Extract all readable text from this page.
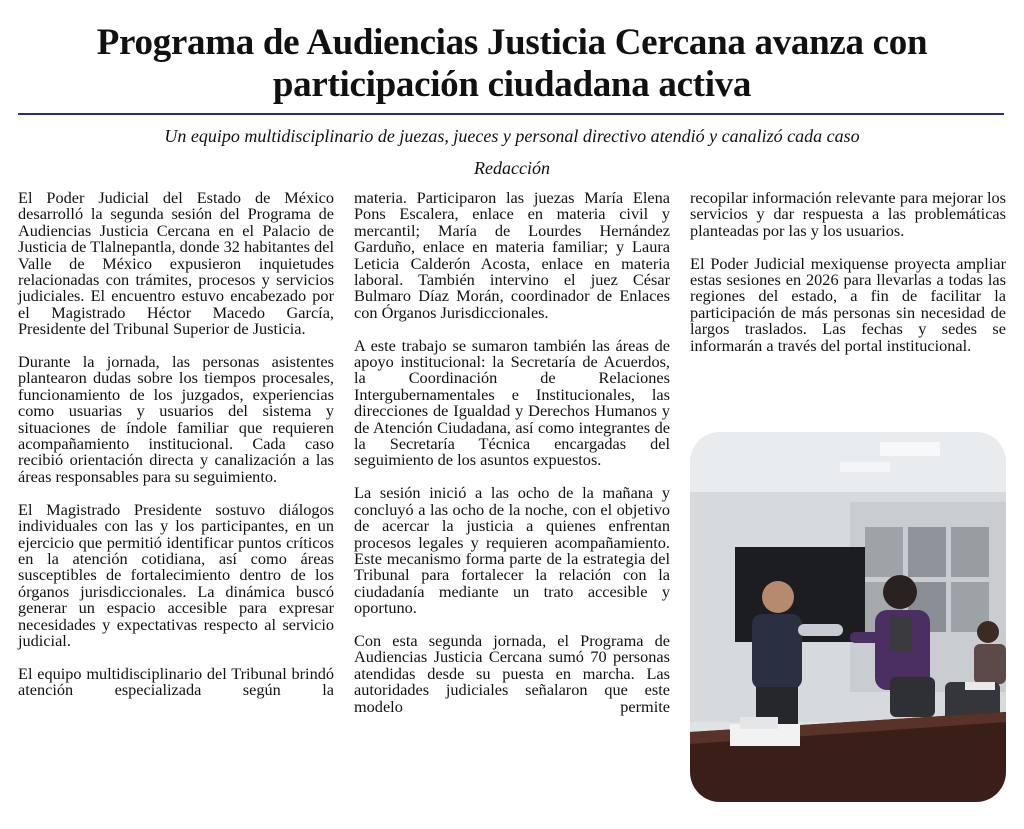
Programa de Audiencias Justicia Cercana avanza con
participación ciudadana activa
Un equipo multidisciplinario de juezas, jueces y personal directivo atendió y canalizó cada caso
Redacción

El Poder Judicial del Estado de México desarrolló la segunda sesión del Programa de Audiencias Justicia Cercana en el Palacio de Justicia de Tlalnepantla, donde 32 habitantes del Valle de México expusieron inquietudes relacionadas con trámites, procesos y servicios judiciales. El encuentro estuvo encabezado por el Magistrado Héctor Macedo García, Presidente del Tribunal Superior de Justicia.

Durante la jornada, las personas asistentes plantearon dudas sobre los tiempos procesales, funcionamiento de los juzgados, experiencias como usuarias y usuarios del sistema y situaciones de índole familiar que requieren acompañamiento institucional. Cada caso recibió orientación directa y canalización a las áreas responsables para su seguimiento.

El Magistrado Presidente sostuvo diálogos individuales con las y los participantes, en un ejercicio que permitió identificar puntos críticos en la atención cotidiana, así como áreas susceptibles de fortalecimiento dentro de los órganos jurisdiccionales. La dinámica buscó generar un espacio accesible para expresar necesidades y expectativas respecto al servicio judicial.

El equipo multidisciplinario del Tribunal brindó atención especializada según la

materia. Participaron las juezas María Elena Pons Escalera, enlace en materia civil y mercantil; María de Lourdes Hernández Garduño, enlace en materia familiar; y Laura Leticia Calderón Acosta, enlace en materia laboral. También intervino el juez César Bulmaro Díaz Morán, coordinador de Enlaces con Órganos Jurisdiccionales.

A este trabajo se sumaron también las áreas de apoyo institucional: la Secretaría de Acuerdos, la Coordinación de Relaciones Intergubernamentales e Institucionales, las direcciones de Igualdad y Derechos Humanos y de Atención Ciudadana, así como integrantes de la Secretaría Técnica encargadas del seguimiento de los asuntos expuestos.

La sesión inició a las ocho de la mañana y concluyó a las ocho de la noche, con el objetivo de acercar la justicia a quienes enfrentan procesos legales y requieren acompañamiento. Este mecanismo forma parte de la estrategia del Tribunal para fortalecer la relación con la ciudadanía mediante un trato accesible y oportuno.

Con esta segunda jornada, el Programa de Audiencias Justicia Cercana sumó 70 personas atendidas desde su puesta en marcha. Las autoridades judiciales señalaron que este modelo permite

recopilar información relevante para mejorar los servicios y dar respuesta a las problemáticas planteadas por las y los usuarios.

El Poder Judicial mexiquense proyecta ampliar estas sesiones en 2026 para llevarlas a todas las regiones del estado, a fin de facilitar la participación de más personas sin necesidad de largos traslados. Las fechas y sedes se informarán a través del portal institucional.
